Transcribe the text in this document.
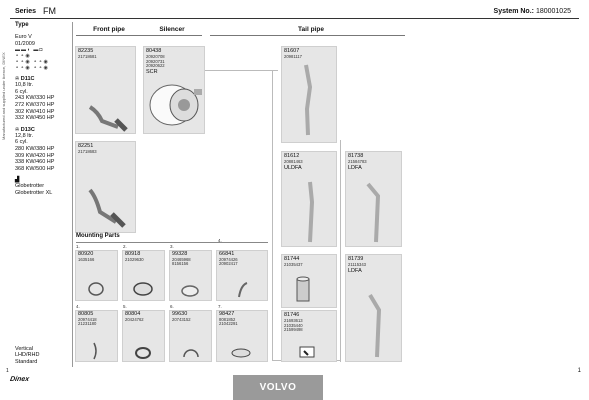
Series FM	System No.: 180001025
Manufactured and supplied under licence, DINEX
Type
Euro V
01/2009
▬▬◗ ▬◘
⚬⚬◉
⚬⚬◉ ⚬⚬◉
⚬⚬◉ ⚬⚬◉
✇ D11C
10,8 ltr.
6 cyl.
243 KW/330 HP
272 KW/370 HP
302 KW/410 HP
332 KW/450 HP
✇ D13C
12,8 ltr.
6 cyl.
280 KW/380 HP
309 KW/420 HP
338 KW/460 HP
368 KW/500 HP
▟
Globetrotter
Globetrotter XL
Vertical
LHD/RHD
Standard
Front pipe	Silencer	Tail pipe
82235
21718681
82251
21718683
80438
20920708
20920731
20920622
SCR
81607
20981117
81612
20881463
ULDFA
81738
21584783
LDFA
81744
21035437
81739
21115343
LDFA
81746
21693613
21035440
21599498
Mounting Parts
1.
80920
1635166
2.
80918
21029630
3.
99328
20465968
8156156
4.
66841
20974426
20902417
4.
80805
20974418
21231180
5.
80804
20424762
6.
99630
20743152
7.
98427
8081852
21042291
1	1
Dinex
VOLVO
